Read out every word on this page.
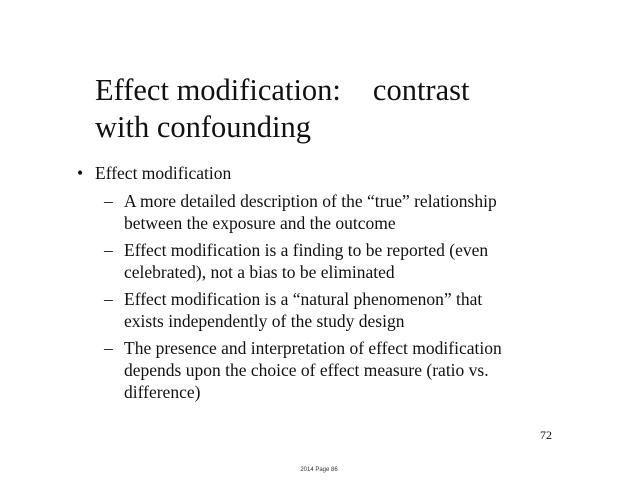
Effect modification: contrast
with confounding
• Effect modification
– A more detailed description of the “true” relationship
between the exposure and the outcome
– Effect modification is a finding to be reported (even
celebrated), not a bias to be eliminated
– Effect modification is a “natural phenomenon” that
exists independently of the study design
– The presence and interpretation of effect modification
depends upon the choice of effect measure (ratio vs.
difference)
72
2014 Page 86
